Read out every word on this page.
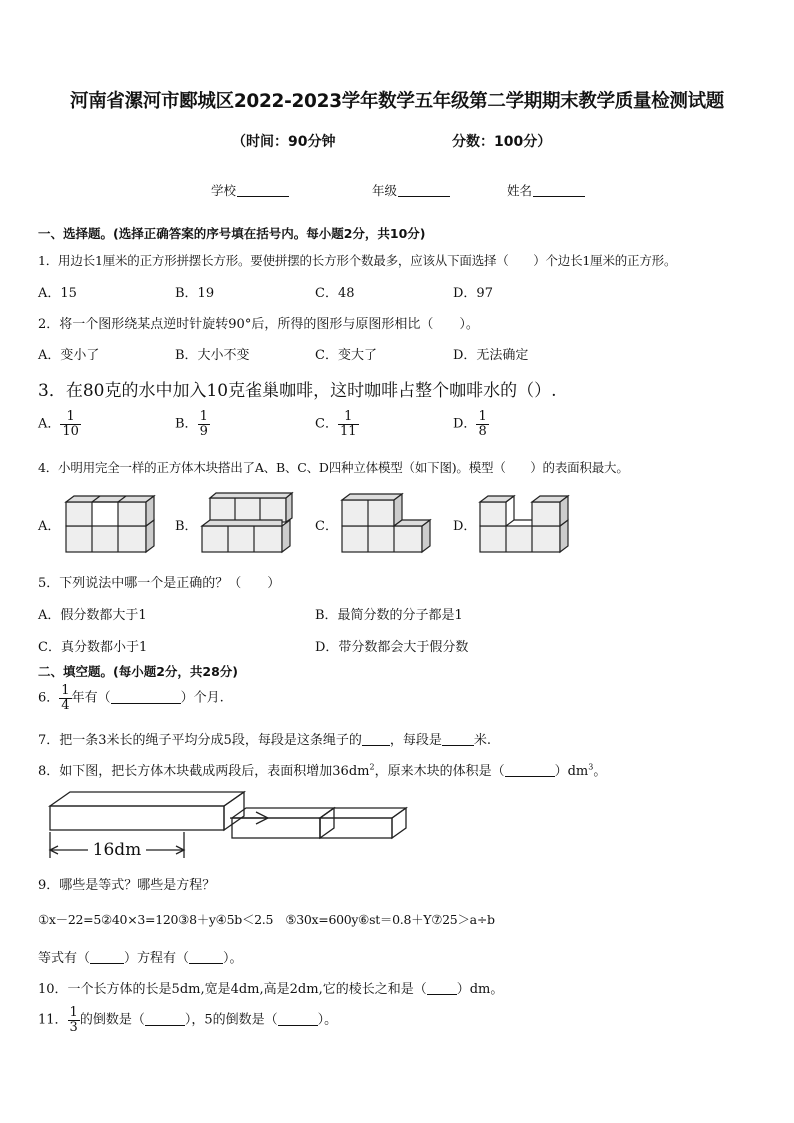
河南省漯河市郾城区2022-2023学年数学五年级第二学期期末教学质量检测试题
（时间：90分钟	分数：100分）
学校	年级	姓名
一、选择题。(选择正确答案的序号填在括号内。每小题2分，共10分)
1．用边长1厘米的正方形拼摆长方形。要使拼摆的长方形个数最多，应该从下面选择（　　）个边长1厘米的正方形。
A．15	B．19	C．48	D．97
2．将一个图形绕某点逆时针旋转90°后，所得的图形与原图形相比（　　）。
A．变小了	B．大小不变	C．变大了	D．无法确定
3．在80克的水中加入10克雀巢咖啡，这时咖啡占整个咖啡水的（）.
A． $\frac{1}{10}$	B． $\frac{1}{9}$	C． $\frac{1}{11}$	D． $\frac{1}{8}$
4．小明用完全一样的正方体木块搭出了A、B、C、D四种立体模型（如下图)。模型（　　）的表面积最大。
A．	B．	C．	D．
5．下列说法中哪一个是正确的？（　　）
A．假分数都大于1	B．最简分数的分子都是1
C．真分数都小于1	D．带分数都会大于假分数
二、填空题。(每小题2分，共28分)
6． $\frac{1}{4}$ 年有（	）个月.
7．把一条3米长的绳子平均分成5段，每段是这条绳子的 ，每段是 米.
8．如下图，把长方体木块截成两段后，表面积增加$36dm^2$，原来木块的体积是（	）$dm^3$。
16dm
9．哪些是等式？哪些是方程？
①x－22=5②40×3=120③8＋y④5b＜2.5　⑤30x=600y⑥st＝0.8＋Y⑦25＞a÷b
等式有（	）方程有（	）。
10．一个长方体的长是5dm,宽是4dm,高是2dm,它的棱长之和是（ ）dm。
11． $\frac{1}{3}$ 的倒数是（	），5的倒数是（	）。
